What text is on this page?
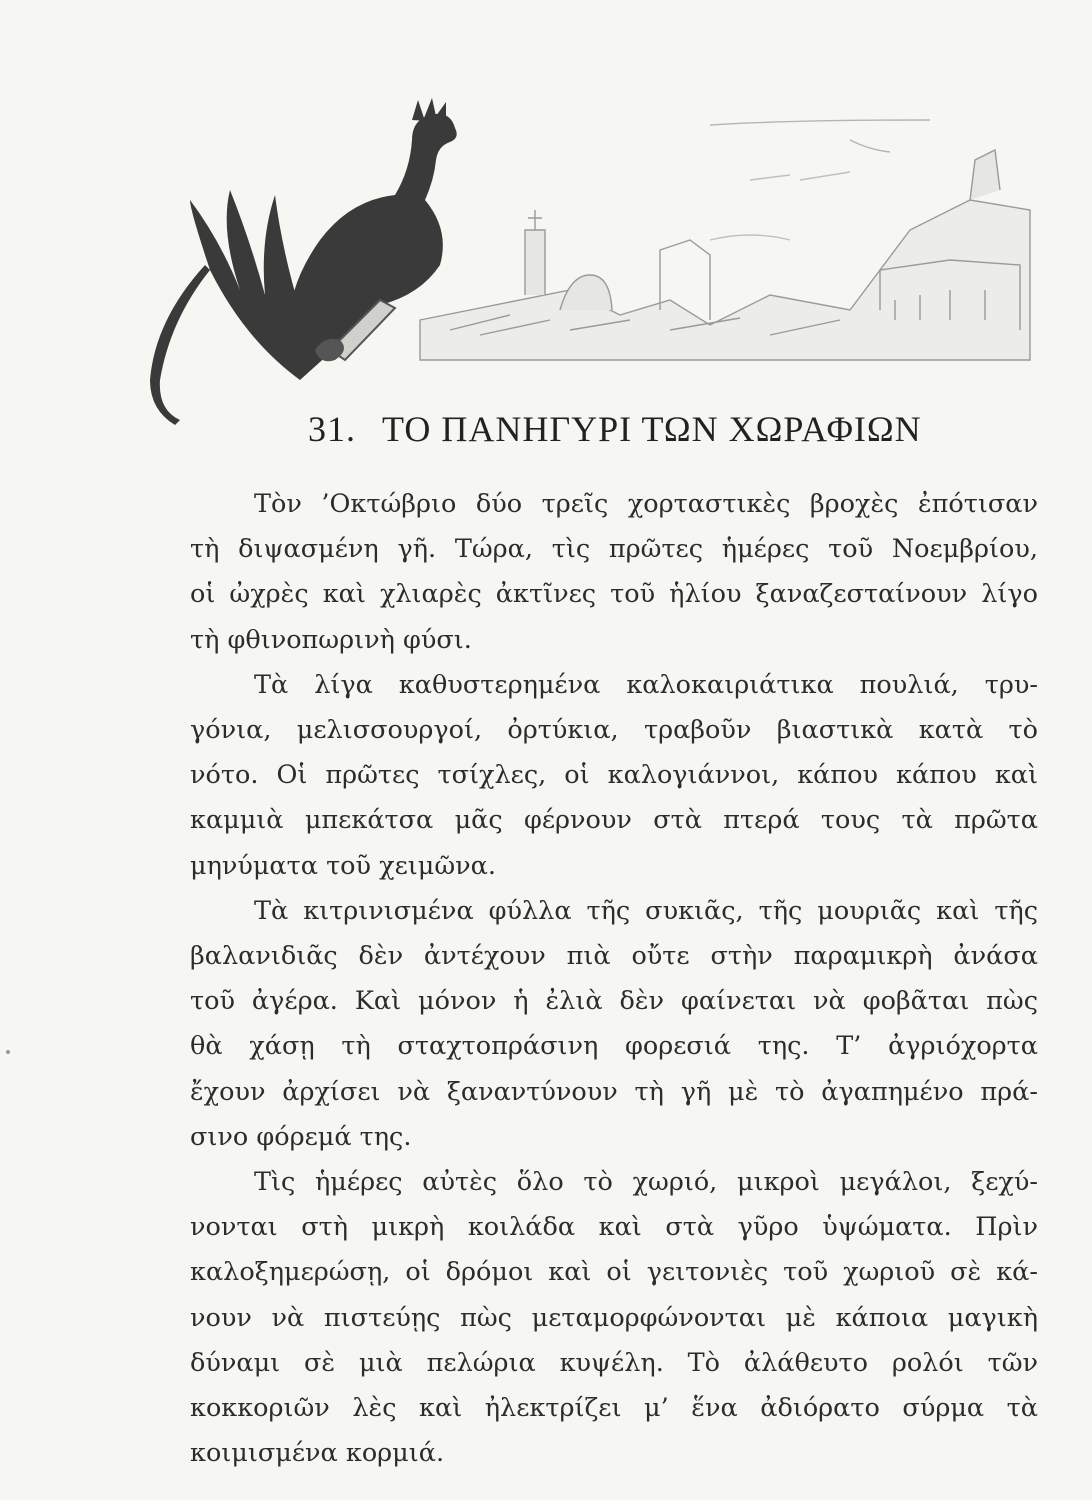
31. ΤΟ ΠΑΝΗΓΥΡΙ ΤΩΝ ΧΩΡΑΦΙΩΝ
Τὸν ’Οκτώβριο δύο τρεῖς χορταστικὲς βροχὲς ἐπότισαν
τὴ διψασμένη γῆ. Τώρα, τὶς πρῶτες ἡμέρες τοῦ Νοεμβρίου,
οἱ ὠχρὲς καὶ χλιαρὲς ἀκτῖνες τοῦ ἡλίου ξαναζεσταίνουν λίγο
τὴ φθινοπωρινὴ φύσι.
Τὰ λίγα καθυστερημένα καλοκαιριάτικα πουλιά, τρυ-
γόνια, μελισσουργοί, ὀρτύκια, τραβοῦν βιαστικὰ κατὰ τὸ
νότο. Οἱ πρῶτες τσίχλες, οἱ καλογιάννοι, κάπου κάπου καὶ
καμμιὰ μπεκάτσα μᾶς φέρνουν στὰ πτερά τους τὰ πρῶτα
μηνύματα τοῦ χειμῶνα.
Τὰ κιτρινισμένα φύλλα τῆς συκιᾶς, τῆς μουριᾶς καὶ τῆς
βαλανιδιᾶς δὲν ἀντέχουν πιὰ οὔτε στὴν παραμικρὴ ἀνάσα
τοῦ ἀγέρα. Καὶ μόνον ἡ ἐλιὰ δὲν φαίνεται νὰ φοβᾶται πὼς
θὰ χάσῃ τὴ σταχτοπράσινη φορεσιά της. Τ’ ἀγριόχορτα
ἔχουν ἀρχίσει νὰ ξαναντύνουν τὴ γῆ μὲ τὸ ἀγαπημένο πρά-
σινο φόρεμά της.
Τὶς ἡμέρες αὐτὲς ὅλο τὸ χωριό, μικροὶ μεγάλοι, ξεχύ-
νονται στὴ μικρὴ κοιλάδα καὶ στὰ γῦρο ὑψώματα. Πρὶν
καλοξημερώσῃ, οἱ δρόμοι καὶ οἱ γειτονιὲς τοῦ χωριοῦ σὲ κά-
νουν νὰ πιστεύῃς πὼς μεταμορφώνονται μὲ κάποια μαγικὴ
δύναμι σὲ μιὰ πελώρια κυψέλη. Τὸ ἀλάθευτο ρολόι τῶν
κοκκοριῶν λὲς καὶ ἠλεκτρίζει μ’ ἕνα ἀδιόρατο σύρμα τὰ
κοιμισμένα κορμιά.
